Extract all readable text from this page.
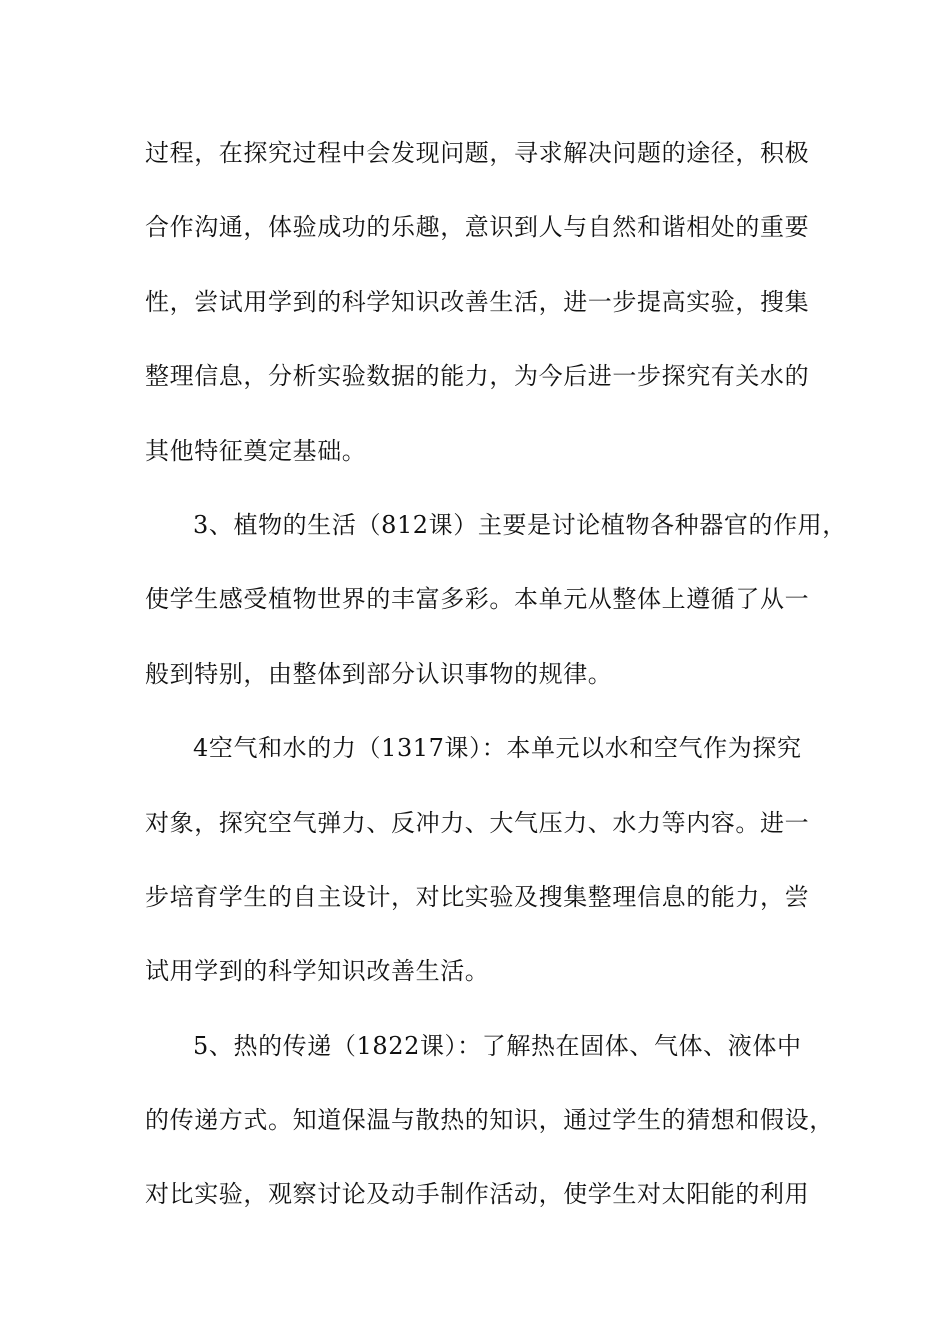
过程，在探究过程中会发现问题，寻求解决问题的途径，积极
合作沟通，体验成功的乐趣，意识到人与自然和谐相处的重要
性，尝试用学到的科学知识改善生活，进一步提高实验，搜集
整理信息，分析实验数据的能力，为今后进一步探究有关水的
其他特征奠定基础。
3、植物的生活（812课）主要是讨论植物各种器官的作用，
使学生感受植物世界的丰富多彩。本单元从整体上遵循了从一
般到特别，由整体到部分认识事物的规律。
4空气和水的力（1317课）：本单元以水和空气作为探究
对象，探究空气弹力、反冲力、大气压力、水力等内容。进一
步培育学生的自主设计，对比实验及搜集整理信息的能力，尝
试用学到的科学知识改善生活。
5、热的传递（1822课）：了解热在固体、气体、液体中
的传递方式。知道保温与散热的知识，通过学生的猜想和假设，
对比实验，观察讨论及动手制作活动，使学生对太阳能的利用
